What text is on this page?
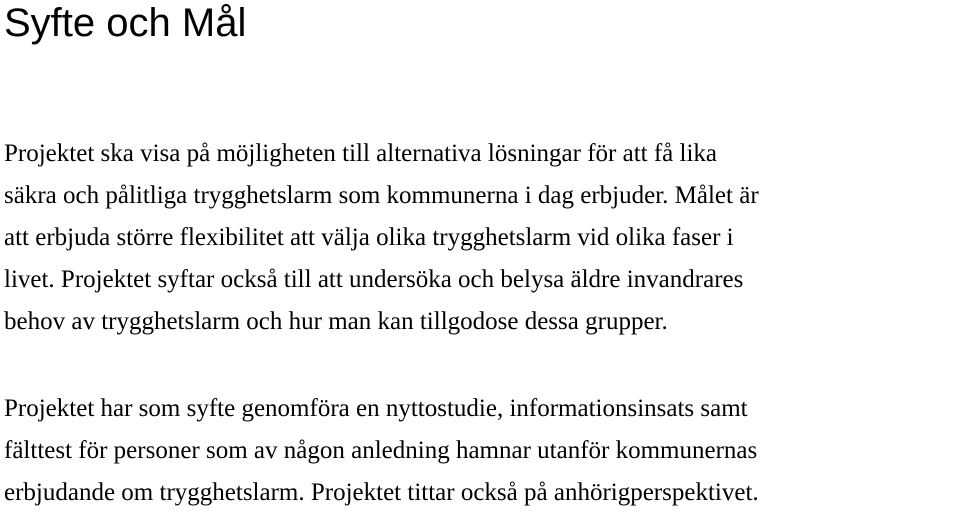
Syfte och Mål

Projektet ska visa på möjligheten till alternativa lösningar för att få lika
säkra och pålitliga trygghetslarm som kommunerna i dag erbjuder. Målet är
att erbjuda större flexibilitet att välja olika trygghetslarm vid olika faser i
livet. Projektet syftar också till att undersöka och belysa äldre invandrares
behov av trygghetslarm och hur man kan tillgodose dessa grupper.

Projektet har som syfte genomföra en nyttostudie, informationsinsats samt
fälttest för personer som av någon anledning hamnar utanför kommunernas
erbjudande om trygghetslarm. Projektet tittar också på anhörigperspektivet.
